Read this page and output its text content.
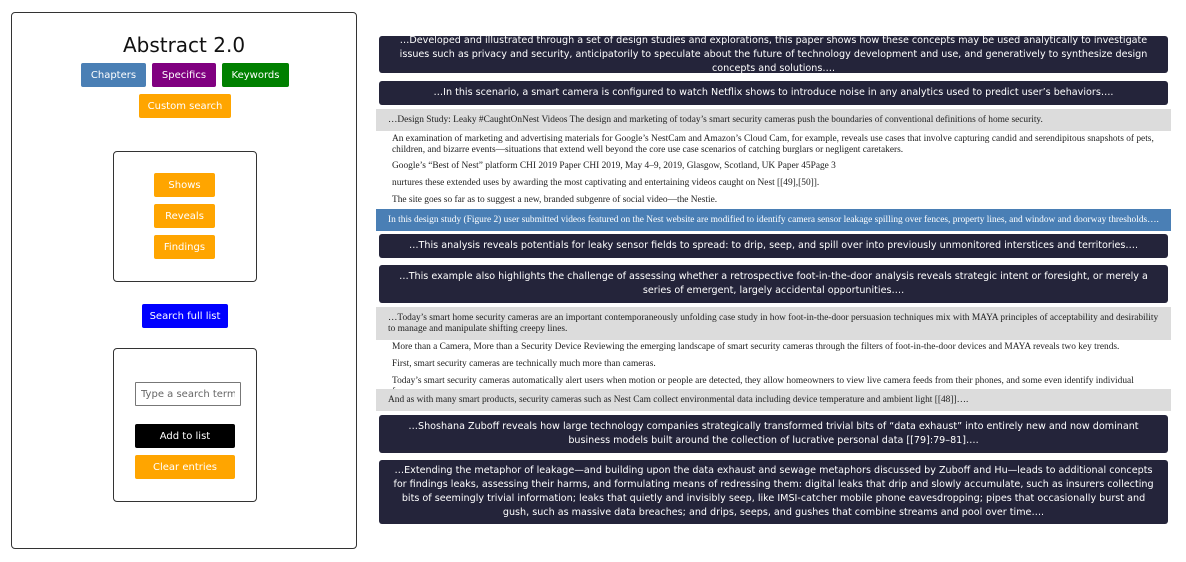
Abstract 2.0
Chapters	Specifics	Keywords
Custom search
Shows
Reveals
Findings
Search full list
Type a search term
Add to list
Clear entries
…Developed and illustrated through a set of design studies and explorations, this paper shows how these concepts may be used analytically to investigate issues such as privacy and security, anticipatorily to speculate about the future of technology development and use, and generatively to synthesize design concepts and solutions….
…In this scenario, a smart camera is configured to watch Netflix shows to introduce noise in any analytics used to predict user’s behaviors….
…Design Study: Leaky #CaughtOnNest Videos The design and marketing of today’s smart security cameras push the boundaries of conventional definitions of home security.
An examination of marketing and advertising materials for Google’s NestCam and Amazon’s Cloud Cam, for example, reveals use cases that involve capturing candid and serendipitous snapshots of pets, children, and bizarre events—situations that extend well beyond the core use case scenarios of catching burglars or negligent caretakers.
Google’s “Best of Nest” platform CHI 2019 Paper CHI 2019, May 4–9, 2019, Glasgow, Scotland, UK Paper 45Page 3
nurtures these extended uses by awarding the most captivating and entertaining videos caught on Nest [[49],[50]].
The site goes so far as to suggest a new, branded subgenre of social video—the Nestie.
In this design study (Figure 2) user submitted videos featured on the Nest website are modified to identify camera sensor leakage spilling over fences, property lines, and window and doorway thresholds….
…This analysis reveals potentials for leaky sensor fields to spread: to drip, seep, and spill over into previously unmonitored interstices and territories….
…This example also highlights the challenge of assessing whether a retrospective foot-in-the-door analysis reveals strategic intent or foresight, or merely a series of emergent, largely accidental opportunities….
…Today’s smart home security cameras are an important contemporaneously unfolding case study in how foot-in-the-door persuasion techniques mix with MAYA principles of acceptability and desirability to manage and manipulate shifting creepy lines.
More than a Camera, More than a Security Device Reviewing the emerging landscape of smart security cameras through the filters of foot-in-the-door devices and MAYA reveals two key trends.
First, smart security cameras are technically much more than cameras.
Today’s smart security cameras automatically alert users when motion or people are detected, they allow homeowners to view live camera feeds from their phones, and some even identify individual
And as with many smart products, security cameras such as Nest Cam collect environmental data including device temperature and ambient light [[48]]….
…Shoshana Zuboff reveals how large technology companies strategically transformed trivial bits of “data exhaust” into entirely new and now dominant business models built around the collection of lucrative personal data [[79]:79–81]….
…Extending the metaphor of leakage—and building upon the data exhaust and sewage metaphors discussed by Zuboff and Hu—leads to additional concepts for findings leaks, assessing their harms, and formulating means of redressing them: digital leaks that drip and slowly accumulate, such as insurers collecting bits of seemingly trivial information; leaks that quietly and invisibly seep, like IMSI-catcher mobile phone eavesdropping; pipes that occasionally burst and gush, such as massive data breaches; and drips, seeps, and gushes that combine streams and pool over time….
